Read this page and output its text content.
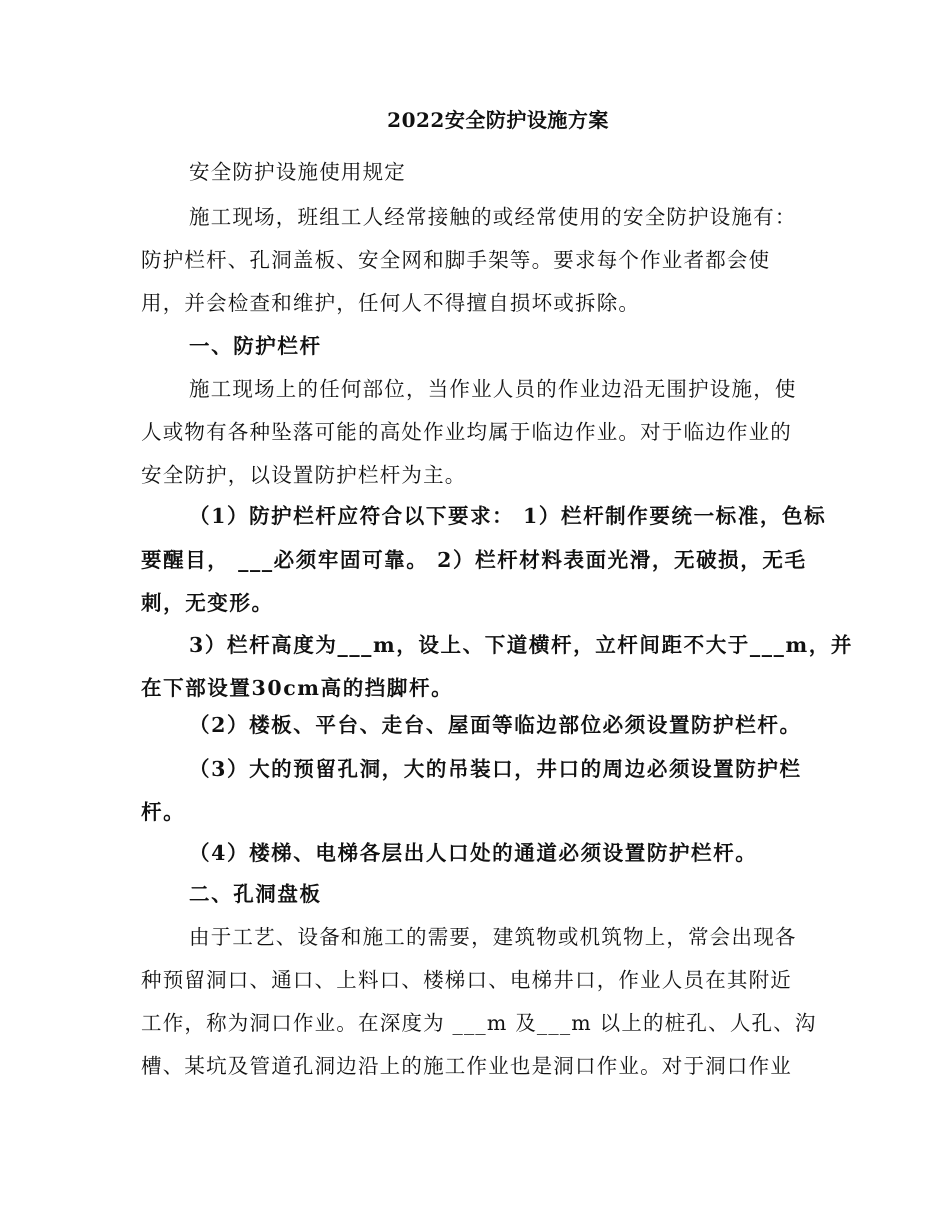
2022安全防护设施方案
安全防护设施使用规定
施工现场，班组工人经常接触的或经常使用的安全防护设施有：
防护栏杆、孔洞盖板、安全网和脚手架等。要求每个作业者都会使
用，并会检查和维护，任何人不得擅自损坏或拆除。
一、防护栏杆
施工现场上的任何部位，当作业人员的作业边沿无围护设施，使
人或物有各种坠落可能的高处作业均属于临边作业。对于临边作业的
安全防护，以设置防护栏杆为主。
（1）防护栏杆应符合以下要求： 1）栏杆制作要统一标准，色标
要醒目， ___必须牢固可靠。 2）栏杆材料表面光滑，无破损，无毛
刺，无变形。
3）栏杆高度为___m，设上、下道横杆，立杆间距不大于___m，并
在下部设置30cm高的挡脚杆。
（2）楼板、平台、走台、屋面等临边部位必须设置防护栏杆。
（3）大的预留孔洞，大的吊装口，井口的周边必须设置防护栏
杆。
（4）楼梯、电梯各层出人口处的通道必须设置防护栏杆。
二、孔洞盘板
由于工艺、设备和施工的需要，建筑物或机筑物上，常会出现各
种预留洞口、通口、上料口、楼梯口、电梯井口，作业人员在其附近
工作，称为洞口作业。在深度为 ___m 及___m 以上的桩孔、人孔、沟
槽、某坑及管道孔洞边沿上的施工作业也是洞口作业。对于洞口作业
